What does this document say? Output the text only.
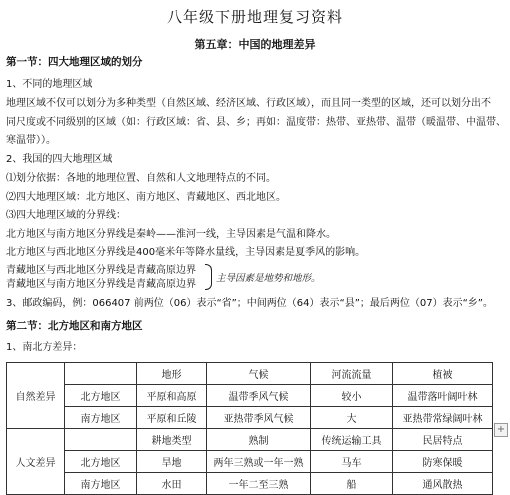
八年级下册地理复习资料
第五章：中国的地理差异
第一节：四大地理区域的划分
1、不同的地理区域
地理区域不仅可以划分为多种类型（自然区域、经济区域、行政区域），而且同一类型的区域，还可以划分出不
同尺度或不同级别的区域（如：行政区域：省、县、乡；再如：温度带：热带、亚热带、温带（暖温带、中温带、
寒温带））。
2、我国的四大地理区域
⑴划分依据：各地的地理位置、自然和人文地理特点的不同。
⑵四大地理区域：北方地区、南方地区、青藏地区、西北地区。
⑶四大地理区域的分界线：
北方地区与南方地区分界线是秦岭——淮河一线，主导因素是气温和降水。
北方地区与西北地区分界线是400毫米年等降水量线，主导因素是夏季风的影响。
青藏地区与西北地区分界线是青藏高原边界
青藏地区与南方地区分界线是青藏高原边界
主导因素是地势和地形。
3、邮政编码，例：066407 前两位（06）表示“省”；中间两位（64）表示“县”；最后两位（07）表示“乡”。
第二节：北方地区和南方地区
1、南北方差异：
自然差异		地形	气候	河流流量	植被
	北方地区	平原和高原	温带季风气候	较小	温带落叶阔叶林
	南方地区	平原和丘陵	亚热带季风气候	大	亚热带常绿阔叶林
人文差异		耕地类型	熟制	传统运输工具	民居特点
	北方地区	旱地	两年三熟或一年一熟	马车	防寒保暖
	南方地区	水田	一年二至三熟	船	通风散热
+
